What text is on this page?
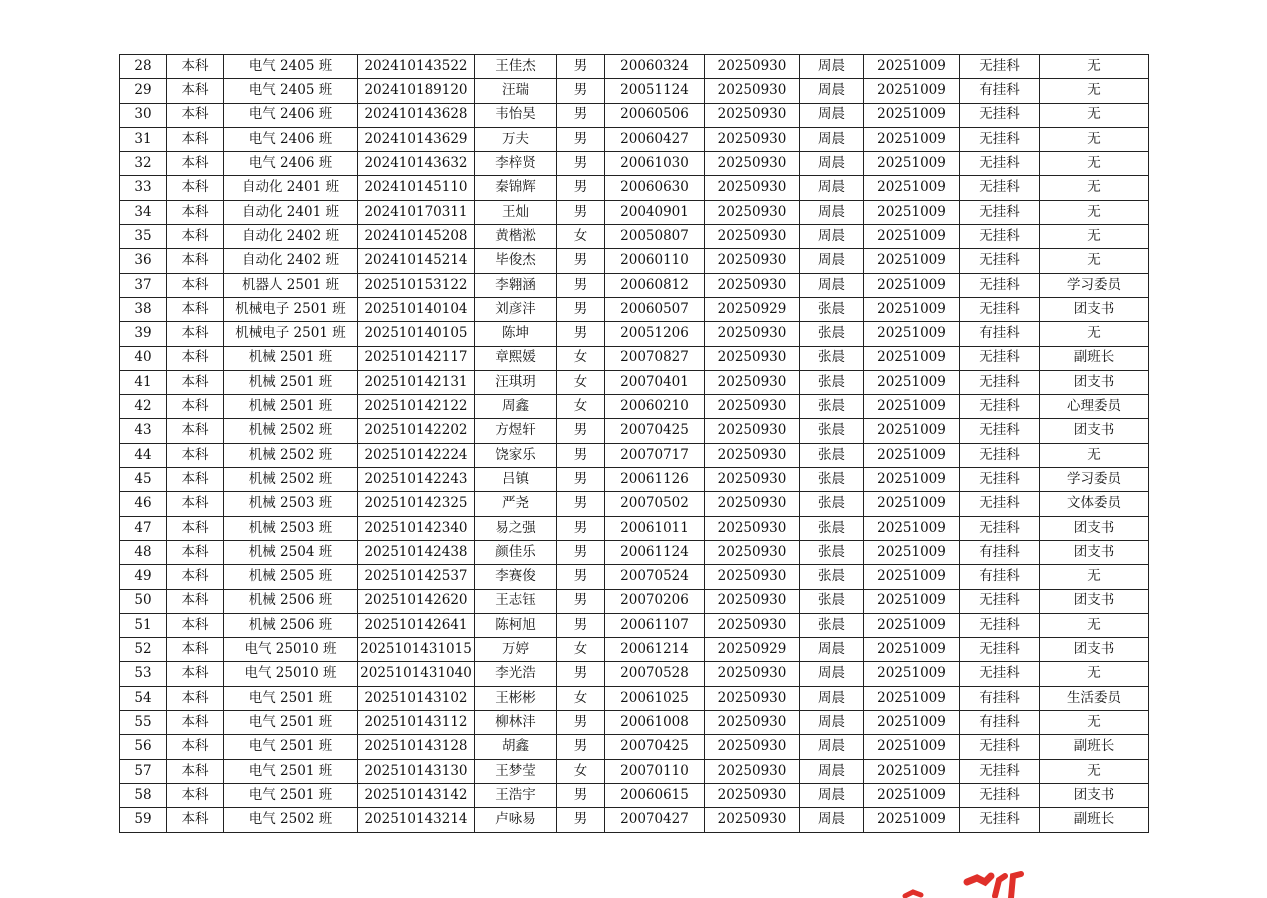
28	本科	电气 2405 班	202410143522	王佳杰	男	20060324	20250930	周晨	20251009	无挂科	无
29	本科	电气 2405 班	202410189120	汪瑞	男	20051124	20250930	周晨	20251009	有挂科	无
30	本科	电气 2406 班	202410143628	韦怡昊	男	20060506	20250930	周晨	20251009	无挂科	无
31	本科	电气 2406 班	202410143629	万夫	男	20060427	20250930	周晨	20251009	无挂科	无
32	本科	电气 2406 班	202410143632	李梓贤	男	20061030	20250930	周晨	20251009	无挂科	无
33	本科	自动化 2401 班	202410145110	秦锦辉	男	20060630	20250930	周晨	20251009	无挂科	无
34	本科	自动化 2401 班	202410170311	王灿	男	20040901	20250930	周晨	20251009	无挂科	无
35	本科	自动化 2402 班	202410145208	黄楷淞	女	20050807	20250930	周晨	20251009	无挂科	无
36	本科	自动化 2402 班	202410145214	毕俊杰	男	20060110	20250930	周晨	20251009	无挂科	无
37	本科	机器人 2501 班	202510153122	李翱涵	男	20060812	20250930	周晨	20251009	无挂科	学习委员
38	本科	机械电子 2501 班	202510140104	刘彦沣	男	20060507	20250929	张晨	20251009	无挂科	团支书
39	本科	机械电子 2501 班	202510140105	陈坤	男	20051206	20250930	张晨	20251009	有挂科	无
40	本科	机械 2501 班	202510142117	章熙媛	女	20070827	20250930	张晨	20251009	无挂科	副班长
41	本科	机械 2501 班	202510142131	汪琪玥	女	20070401	20250930	张晨	20251009	无挂科	团支书
42	本科	机械 2501 班	202510142122	周鑫	女	20060210	20250930	张晨	20251009	无挂科	心理委员
43	本科	机械 2502 班	202510142202	方煜轩	男	20070425	20250930	张晨	20251009	无挂科	团支书
44	本科	机械 2502 班	202510142224	饶家乐	男	20070717	20250930	张晨	20251009	无挂科	无
45	本科	机械 2502 班	202510142243	吕镇	男	20061126	20250930	张晨	20251009	无挂科	学习委员
46	本科	机械 2503 班	202510142325	严尧	男	20070502	20250930	张晨	20251009	无挂科	文体委员
47	本科	机械 2503 班	202510142340	易之强	男	20061011	20250930	张晨	20251009	无挂科	团支书
48	本科	机械 2504 班	202510142438	颜佳乐	男	20061124	20250930	张晨	20251009	有挂科	团支书
49	本科	机械 2505 班	202510142537	李赛俊	男	20070524	20250930	张晨	20251009	有挂科	无
50	本科	机械 2506 班	202510142620	王志钰	男	20070206	20250930	张晨	20251009	无挂科	团支书
51	本科	机械 2506 班	202510142641	陈柯旭	男	20061107	20250930	张晨	20251009	无挂科	无
52	本科	电气 25010 班	2025101431015	万婷	女	20061214	20250929	周晨	20251009	无挂科	团支书
53	本科	电气 25010 班	2025101431040	李光浩	男	20070528	20250930	周晨	20251009	无挂科	无
54	本科	电气 2501 班	202510143102	王彬彬	女	20061025	20250930	周晨	20251009	有挂科	生活委员
55	本科	电气 2501 班	202510143112	柳林沣	男	20061008	20250930	周晨	20251009	有挂科	无
56	本科	电气 2501 班	202510143128	胡鑫	男	20070425	20250930	周晨	20251009	无挂科	副班长
57	本科	电气 2501 班	202510143130	王梦莹	女	20070110	20250930	周晨	20251009	无挂科	无
58	本科	电气 2501 班	202510143142	王浩宇	男	20060615	20250930	周晨	20251009	无挂科	团支书
59	本科	电气 2502 班	202510143214	卢咏易	男	20070427	20250930	周晨	20251009	无挂科	副班长
